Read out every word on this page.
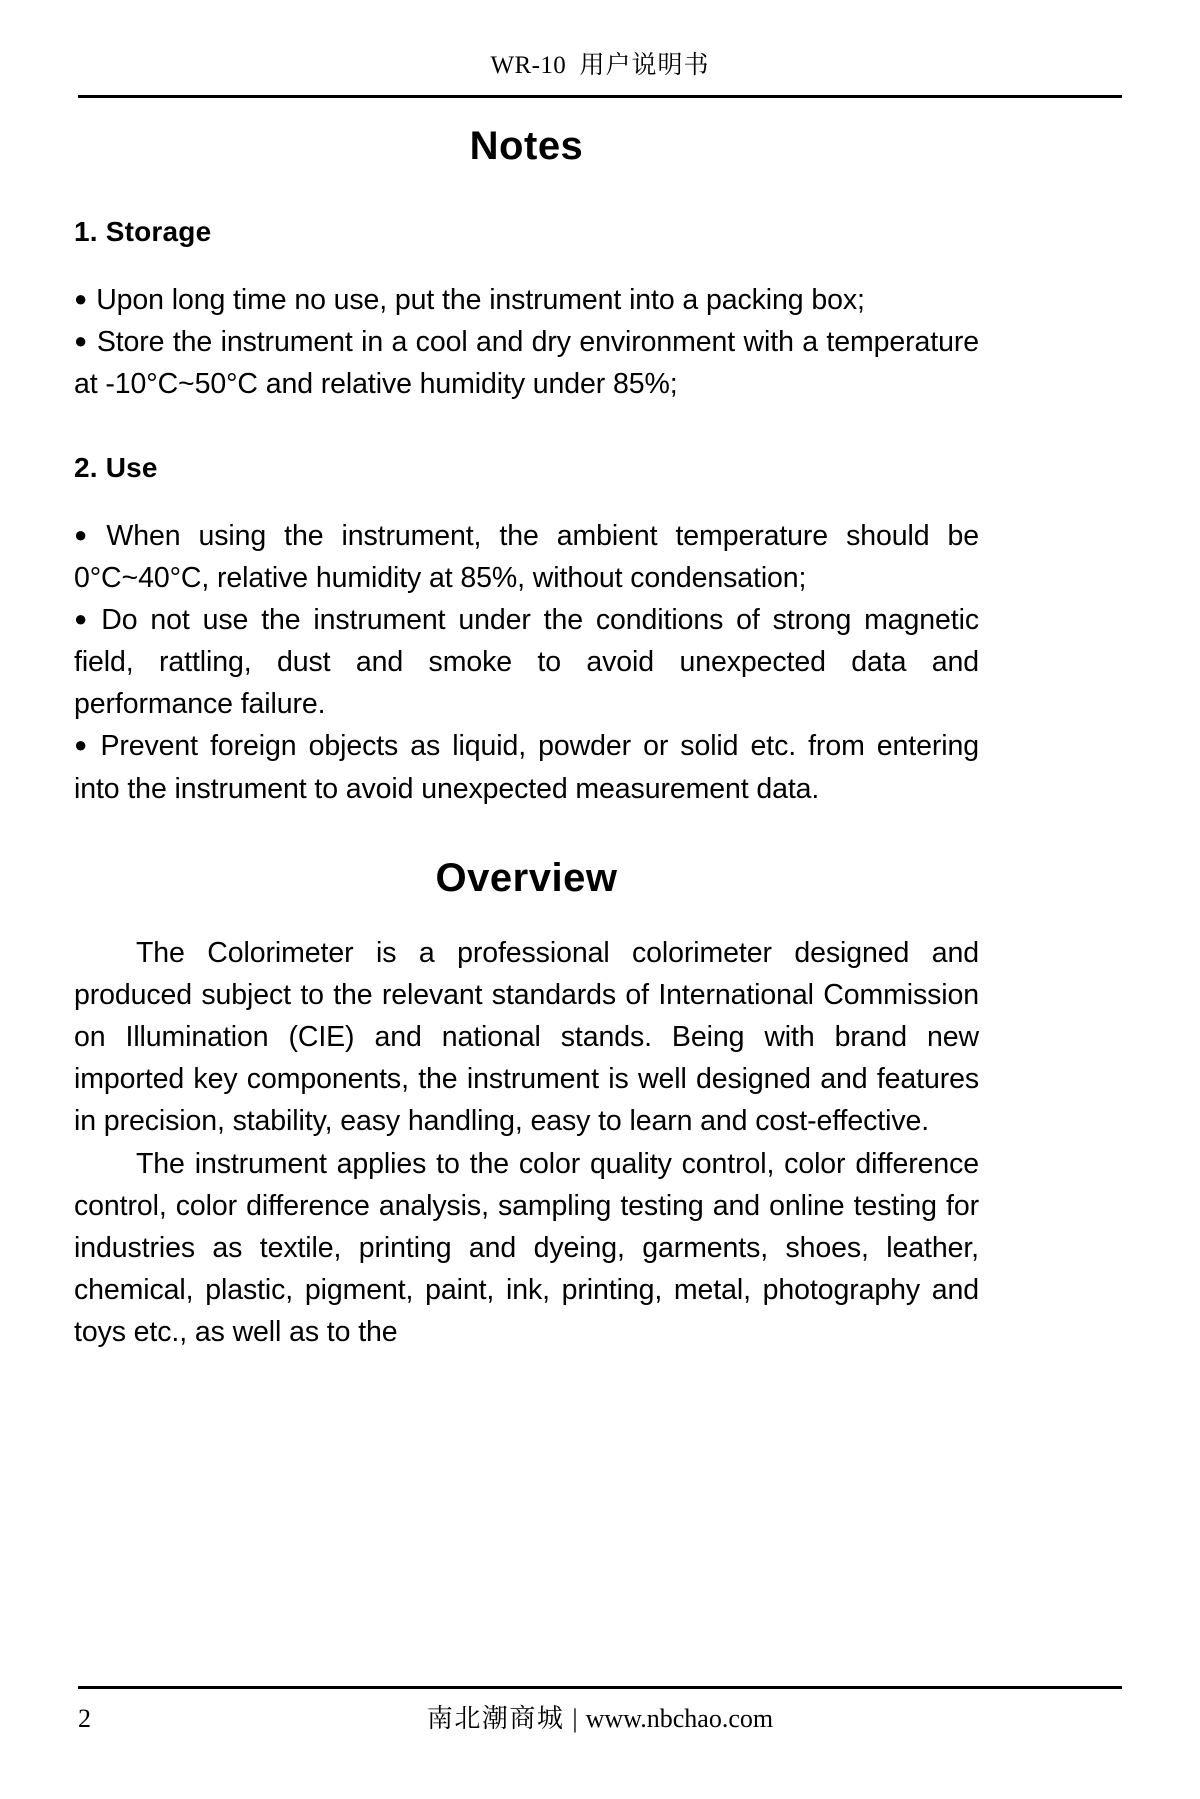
WR-10 用户说明书
Notes
1. Storage

● Upon long time no use, put the instrument into a packing box;

● Store the instrument in a cool and dry environment with a temperature at -10°C~50°C and relative humidity under 85%;

2. Use

● When using the instrument, the ambient temperature should be 0°C~40°C, relative humidity at 85%, without condensation;

● Do not use the instrument under the conditions of strong magnetic field, rattling, dust and smoke to avoid unexpected data and performance failure.

● Prevent foreign objects as liquid, powder or solid etc. from entering into the instrument to avoid unexpected measurement data.

Overview

The Colorimeter is a professional colorimeter designed and produced subject to the relevant standards of International Commission on Illumination (CIE) and national stands. Being with brand new imported key components, the instrument is well designed and features in precision, stability, easy handling, easy to learn and cost-effective.

The instrument applies to the color quality control, color difference control, color difference analysis, sampling testing and online testing for industries as textile, printing and dyeing, garments, shoes, leather, chemical, plastic, pigment, paint, ink, printing, metal, photography and toys etc., as well as to the

2	南北潮商城 | www.nbchao.com
